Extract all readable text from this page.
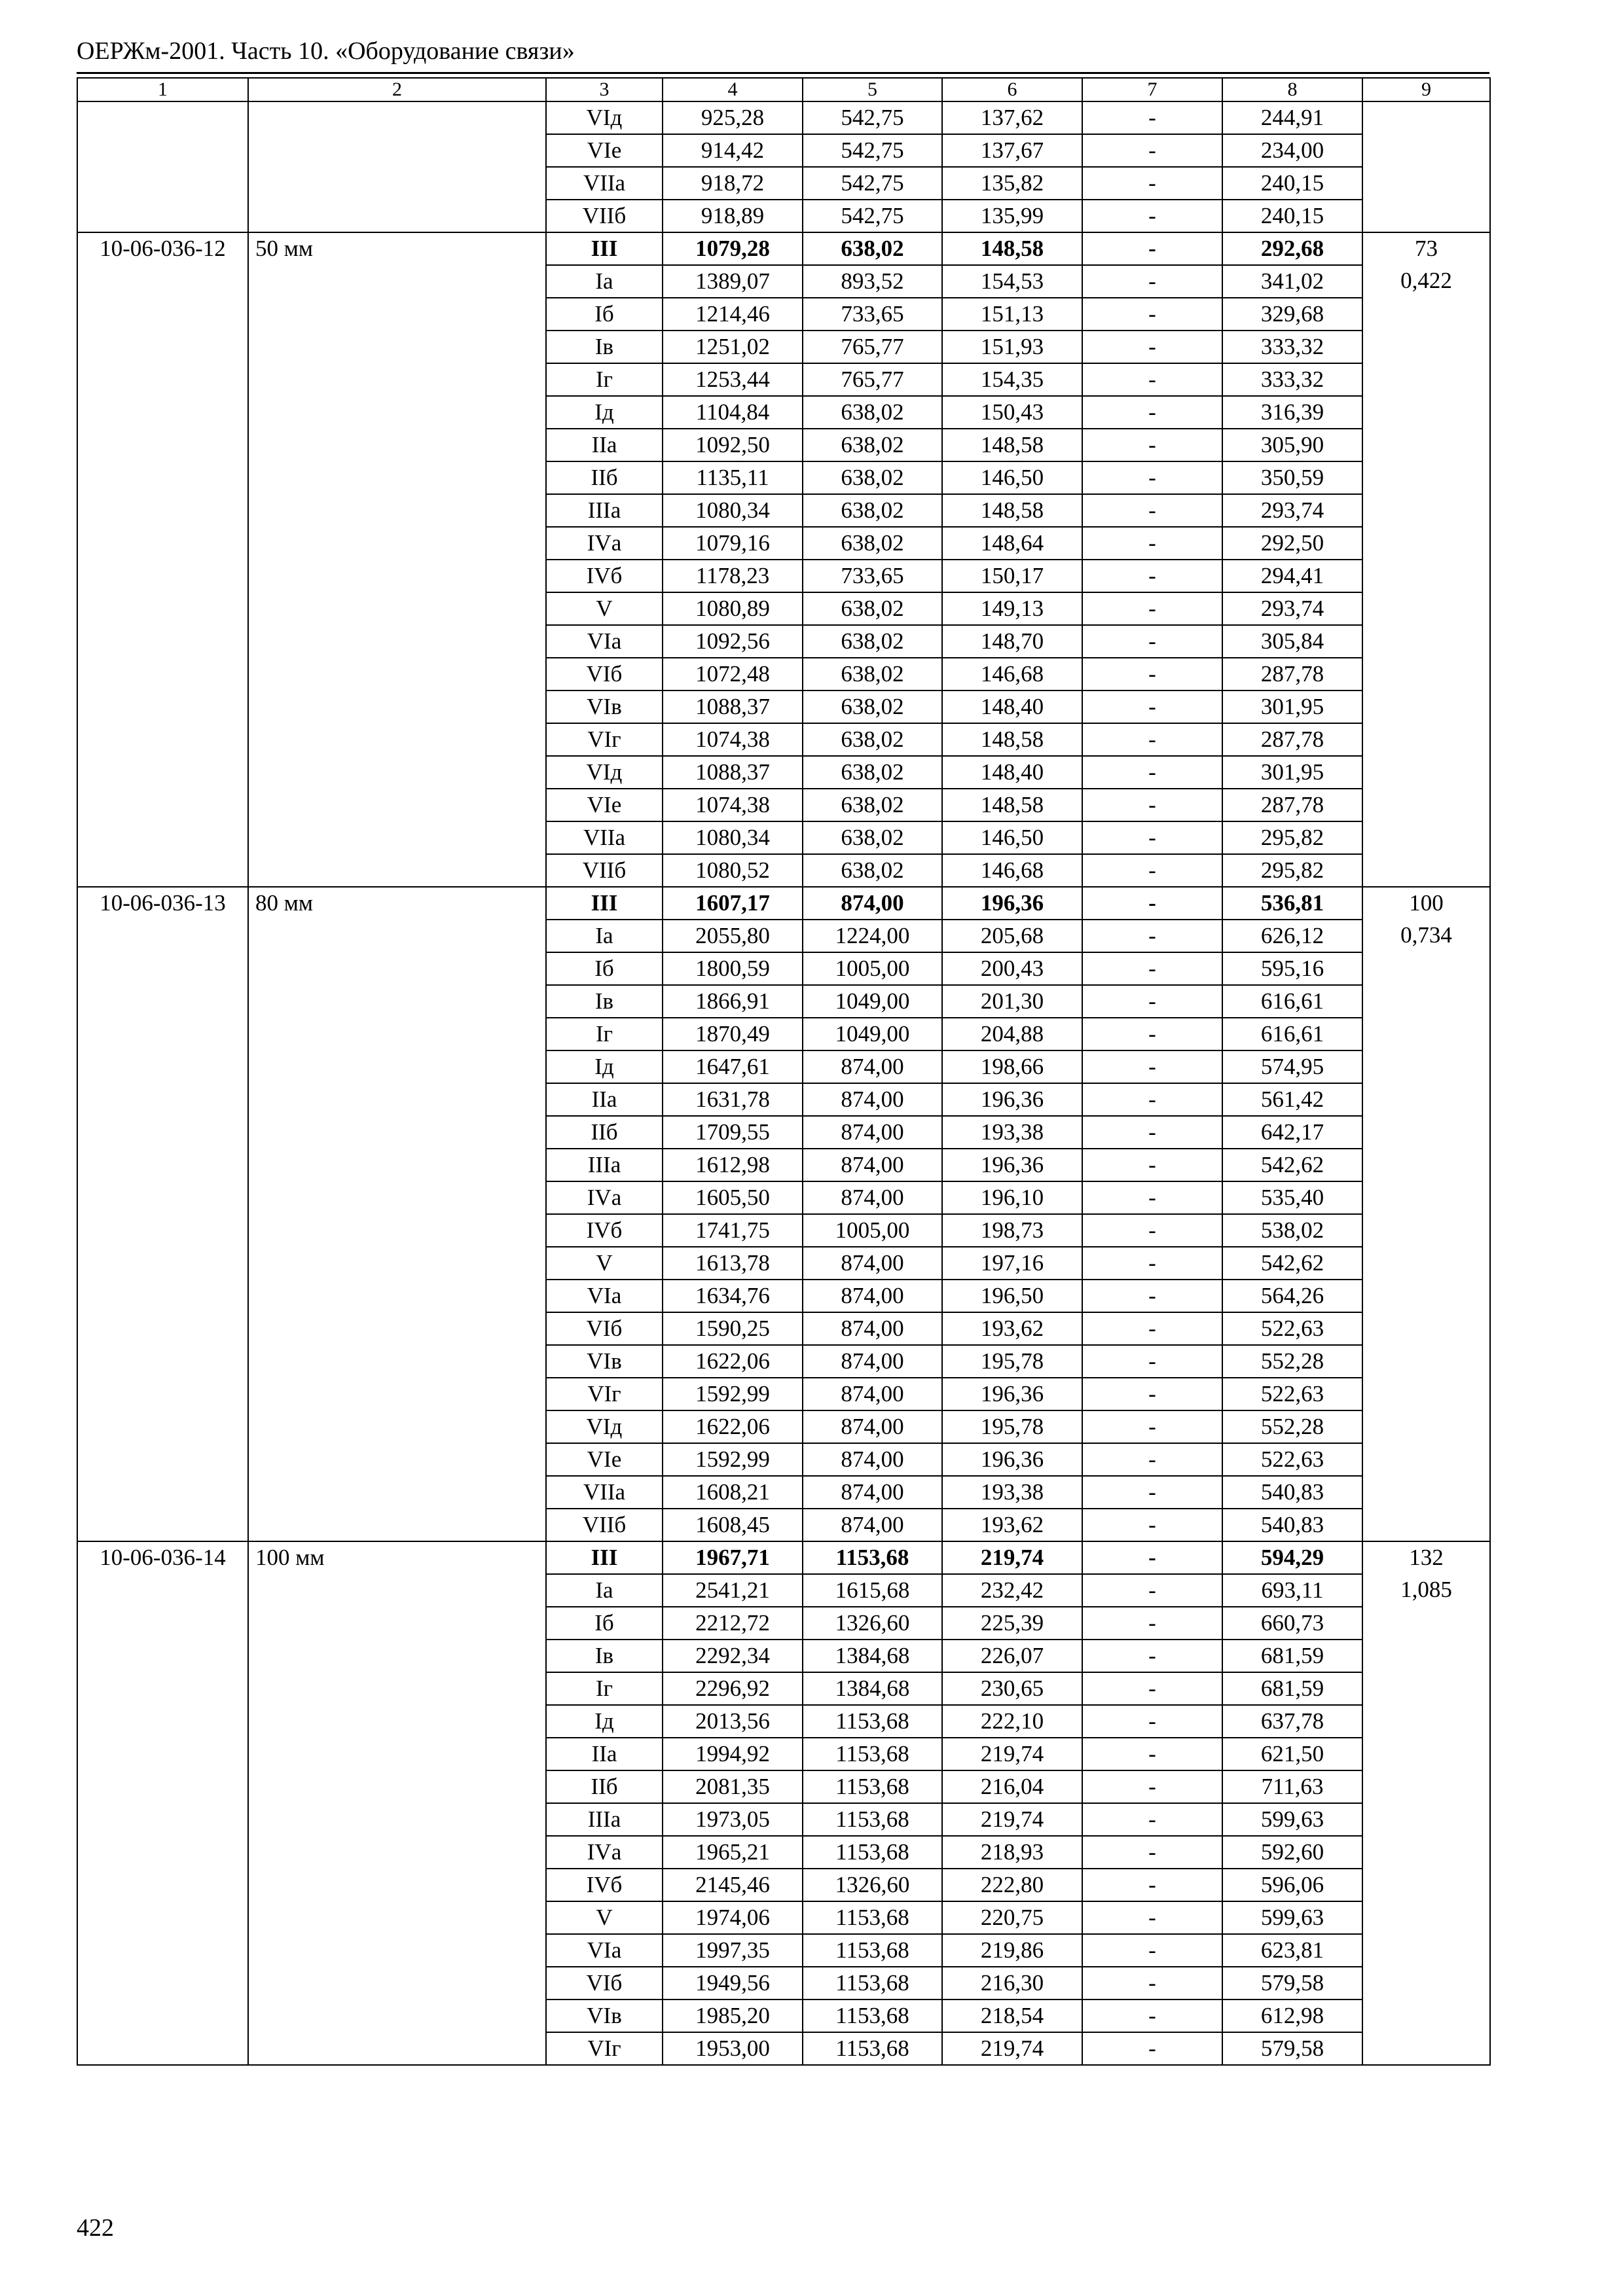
ОЕРЖм-2001. Часть 10. «Оборудование связи»
1	2	3	4	5	6	7	8	9
		VIд	925,28	542,75	137,62	-	244,91	
		VIе	914,42	542,75	137,67	-	234,00	
		VIIа	918,72	542,75	135,82	-	240,15	
		VIIб	918,89	542,75	135,99	-	240,15	
10-06-036-12	50 мм	III	1079,28	638,02	148,58	-	292,68	73
		Iа	1389,07	893,52	154,53	-	341,02	0,422
		Iб	1214,46	733,65	151,13	-	329,68	
		Iв	1251,02	765,77	151,93	-	333,32	
		Iг	1253,44	765,77	154,35	-	333,32	
		Iд	1104,84	638,02	150,43	-	316,39	
		IIа	1092,50	638,02	148,58	-	305,90	
		IIб	1135,11	638,02	146,50	-	350,59	
		IIIа	1080,34	638,02	148,58	-	293,74	
		IVа	1079,16	638,02	148,64	-	292,50	
		IVб	1178,23	733,65	150,17	-	294,41	
		V	1080,89	638,02	149,13	-	293,74	
		VIа	1092,56	638,02	148,70	-	305,84	
		VIб	1072,48	638,02	146,68	-	287,78	
		VIв	1088,37	638,02	148,40	-	301,95	
		VIг	1074,38	638,02	148,58	-	287,78	
		VIд	1088,37	638,02	148,40	-	301,95	
		VIе	1074,38	638,02	148,58	-	287,78	
		VIIа	1080,34	638,02	146,50	-	295,82	
		VIIб	1080,52	638,02	146,68	-	295,82	
10-06-036-13	80 мм	III	1607,17	874,00	196,36	-	536,81	100
		Iа	2055,80	1224,00	205,68	-	626,12	0,734
		Iб	1800,59	1005,00	200,43	-	595,16	
		Iв	1866,91	1049,00	201,30	-	616,61	
		Iг	1870,49	1049,00	204,88	-	616,61	
		Iд	1647,61	874,00	198,66	-	574,95	
		IIа	1631,78	874,00	196,36	-	561,42	
		IIб	1709,55	874,00	193,38	-	642,17	
		IIIа	1612,98	874,00	196,36	-	542,62	
		IVа	1605,50	874,00	196,10	-	535,40	
		IVб	1741,75	1005,00	198,73	-	538,02	
		V	1613,78	874,00	197,16	-	542,62	
		VIа	1634,76	874,00	196,50	-	564,26	
		VIб	1590,25	874,00	193,62	-	522,63	
		VIв	1622,06	874,00	195,78	-	552,28	
		VIг	1592,99	874,00	196,36	-	522,63	
		VIд	1622,06	874,00	195,78	-	552,28	
		VIе	1592,99	874,00	196,36	-	522,63	
		VIIа	1608,21	874,00	193,38	-	540,83	
		VIIб	1608,45	874,00	193,62	-	540,83	
10-06-036-14	100 мм	III	1967,71	1153,68	219,74	-	594,29	132
		Iа	2541,21	1615,68	232,42	-	693,11	1,085
		Iб	2212,72	1326,60	225,39	-	660,73	
		Iв	2292,34	1384,68	226,07	-	681,59	
		Iг	2296,92	1384,68	230,65	-	681,59	
		Iд	2013,56	1153,68	222,10	-	637,78	
		IIа	1994,92	1153,68	219,74	-	621,50	
		IIб	2081,35	1153,68	216,04	-	711,63	
		IIIа	1973,05	1153,68	219,74	-	599,63	
		IVа	1965,21	1153,68	218,93	-	592,60	
		IVб	2145,46	1326,60	222,80	-	596,06	
		V	1974,06	1153,68	220,75	-	599,63	
		VIа	1997,35	1153,68	219,86	-	623,81	
		VIб	1949,56	1153,68	216,30	-	579,58	
		VIв	1985,20	1153,68	218,54	-	612,98	
		VIг	1953,00	1153,68	219,74	-	579,58	
422
